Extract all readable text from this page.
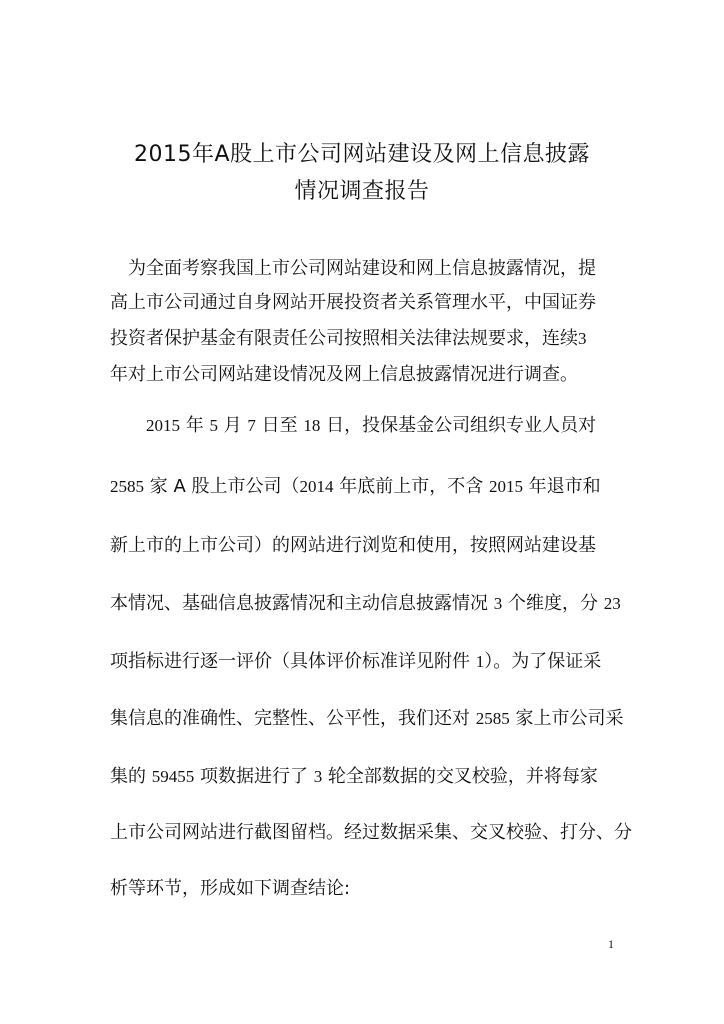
2015年A股上市公司网站建设及网上信息披露
情况调查报告
为全面考察我国上市公司网站建设和网上信息披露情况，提
高上市公司通过自身网站开展投资者关系管理水平，中国证券
投资者保护基金有限责任公司按照相关法律法规要求，连续3
年对上市公司网站建设情况及网上信息披露情况进行调查。
2015 年 5 月 7 日至 18 日，投保基金公司组织专业人员对
2585 家 A 股上市公司（2014 年底前上市，不含 2015 年退市和
新上市的上市公司）的网站进行浏览和使用，按照网站建设基
本情况、基础信息披露情况和主动信息披露情况 3 个维度，分 23
项指标进行逐一评价（具体评价标准详见附件 1）。为了保证采
集信息的准确性、完整性、公平性，我们还对 2585 家上市公司采
集的 59455 项数据进行了 3 轮全部数据的交叉校验，并将每家
上市公司网站进行截图留档。经过数据采集、交叉校验、打分、分
析等环节，形成如下调查结论:
1
